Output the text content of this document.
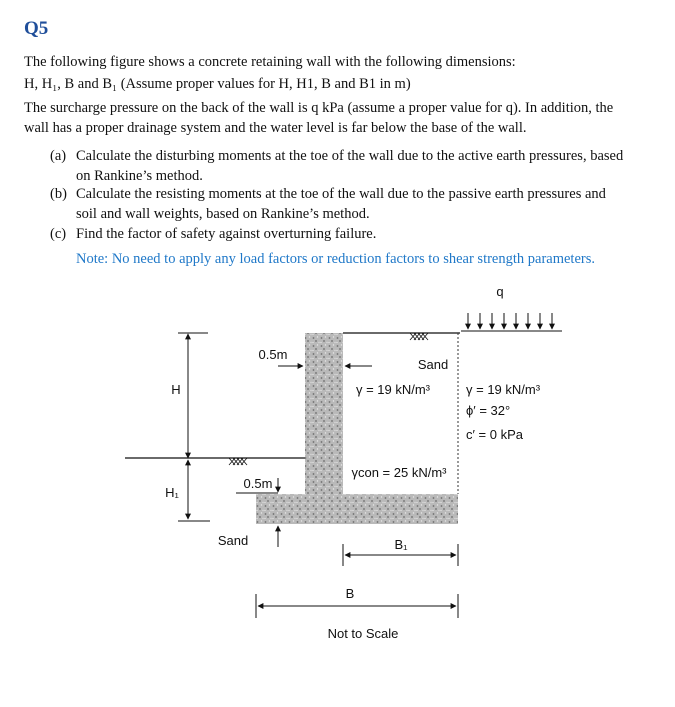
Q5
The following figure shows a concrete retaining wall with the following dimensions:
H, H₁, B and B₁ (Assume proper values for H, H1, B and B1 in m)
The surcharge pressure on the back of the wall is q kPa (assume a proper value for q). In addition, the
wall has a proper drainage system and the water level is far below the base of the wall.
(a) Calculate the disturbing moments at the toe of the wall due to the active earth pressures, based
on Rankine’s method.
(b) Calculate the resisting moments at the toe of the wall due to the passive earth pressures and
soil and wall weights, based on Rankine’s method.
(c) Find the factor of safety against overturning failure.
Note: No need to apply any load factors or reduction factors to shear strength parameters.
q
H
H₁
0.5m
0.5m
Sand
γ = 19 kN/m³
γcon = 25 kN/m³
Sand
γ = 19 kN/m³
ϕ′ = 32°
c′ = 0 kPa
B₁
B
Not to Scale
